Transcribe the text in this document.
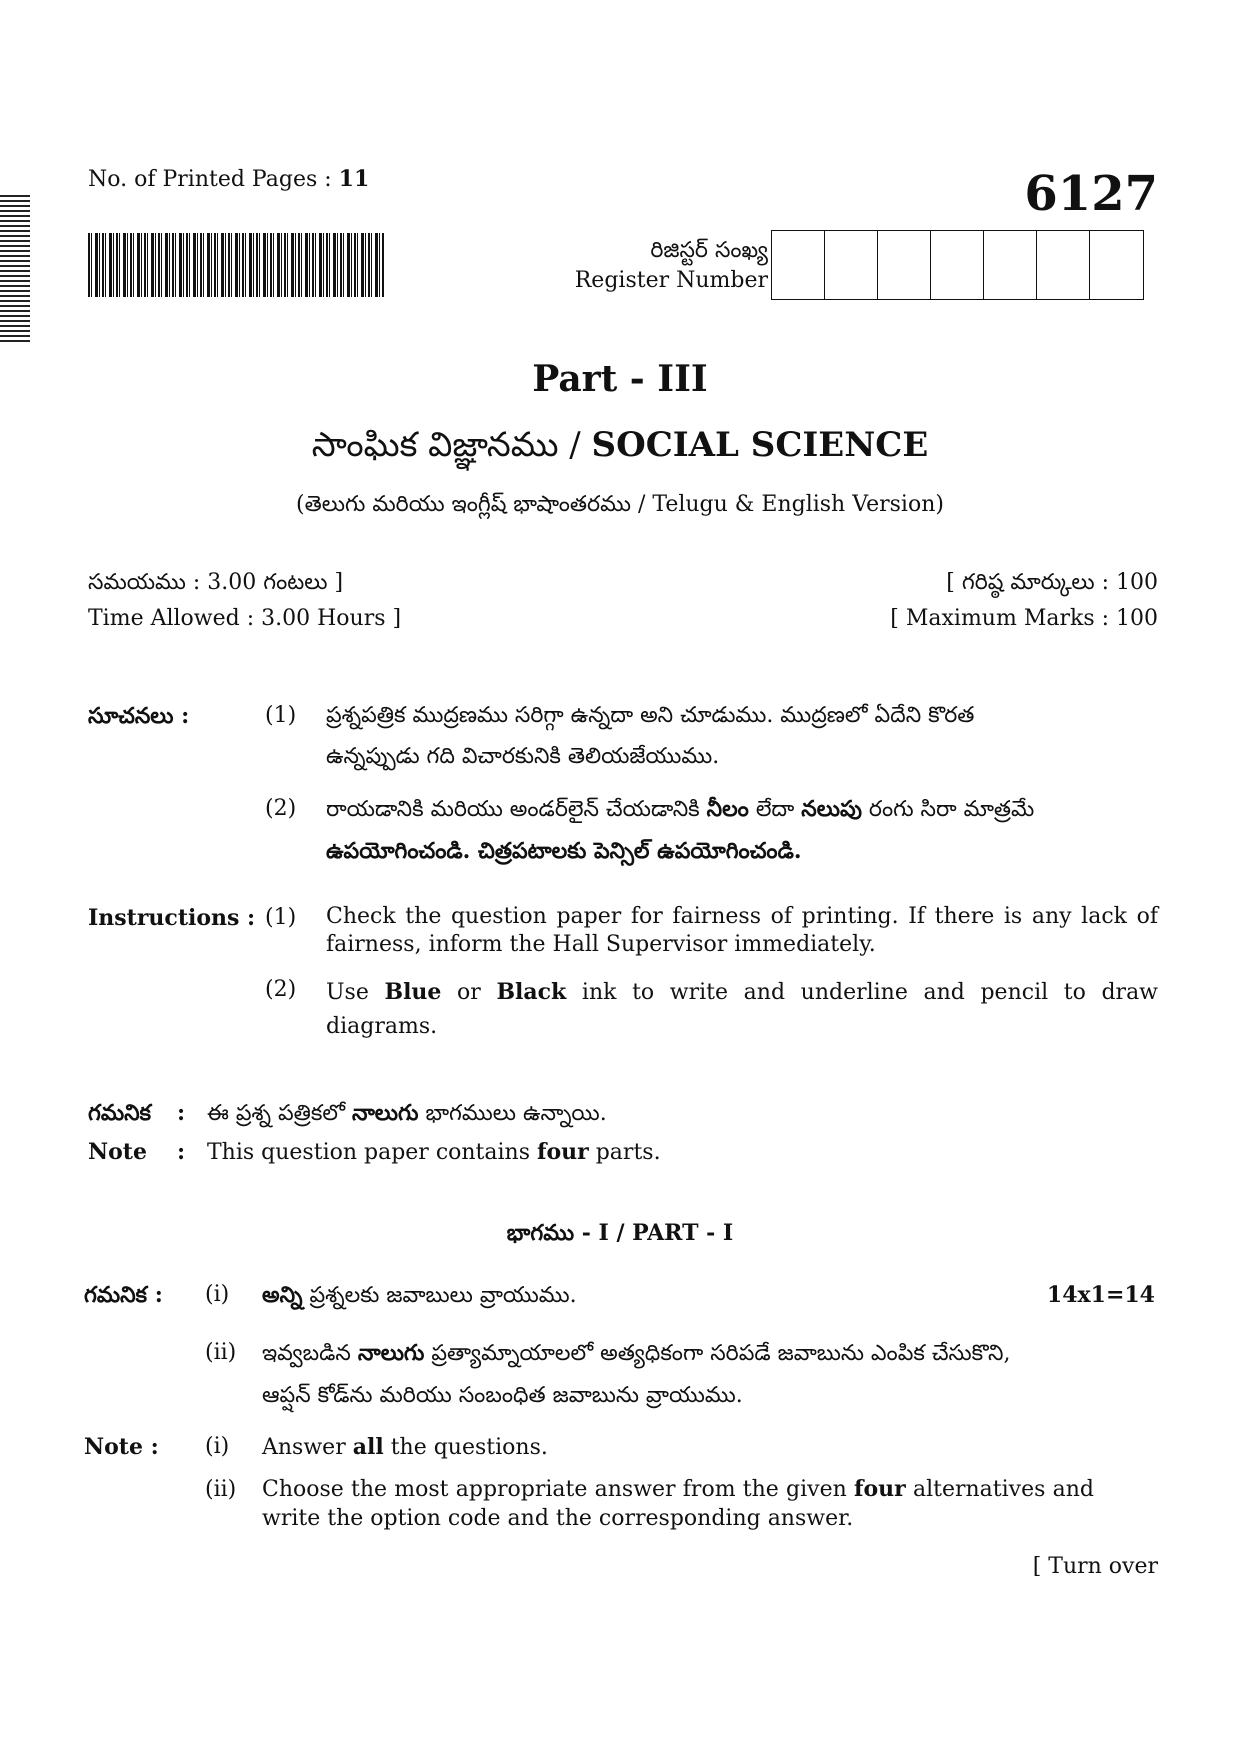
No. of Printed Pages : 11	6127
రిజిస్టర్ సంఖ్య
Register Number
Part - III
సాంఘిక విజ్ఞానము / SOCIAL SCIENCE
(తెలుగు మరియు ఇంగ్లీష్ భాషాంతరము / Telugu & English Version)
సమయము : 3.00 గంటలు ]
Time Allowed : 3.00 Hours ]
[ గరిష్ఠ మార్కులు : 100
[ Maximum Marks : 100
సూచనలు :	(1) ప్రశ్నపత్రిక ముద్రణము సరిగ్గా ఉన్నదా అని చూడుము. ముద్రణలో ఏదేని కొరత
ఉన్నప్పుడు గది విచారకునికి తెలియజేయుము.
(2) రాయడానికి మరియు అండర్‌లైన్ చేయడానికి నీలం లేదా నలుపు రంగు సిరా మాత్రమే
ఉపయోగించండి. చిత్రపటాలకు పెన్సిల్ ఉపయోగించండి.
Instructions : (1) Check the question paper for fairness of printing. If there is any lack of fairness, inform the Hall Supervisor immediately.
(2) Use Blue or Black ink to write and underline and pencil to draw diagrams.
గమనిక : ఈ ప్రశ్న పత్రికలో నాలుగు భాగములు ఉన్నాయి.
Note : This question paper contains four parts.
భాగము - I / PART - I
గమనిక : (i) అన్ని ప్రశ్నలకు జవాబులు వ్రాయుము.	14x1=14
(ii) ఇవ్వబడిన నాలుగు ప్రత్యామ్నాయాలలో అత్యధికంగా సరిపడే జవాబును ఎంపిక చేసుకొని,
ఆప్షన్ కోడ్‌ను మరియు సంబంధిత జవాబును వ్రాయుము.
Note : (i) Answer all the questions.
(ii) Choose the most appropriate answer from the given four alternatives and write the option code and the corresponding answer.
[ Turn over
